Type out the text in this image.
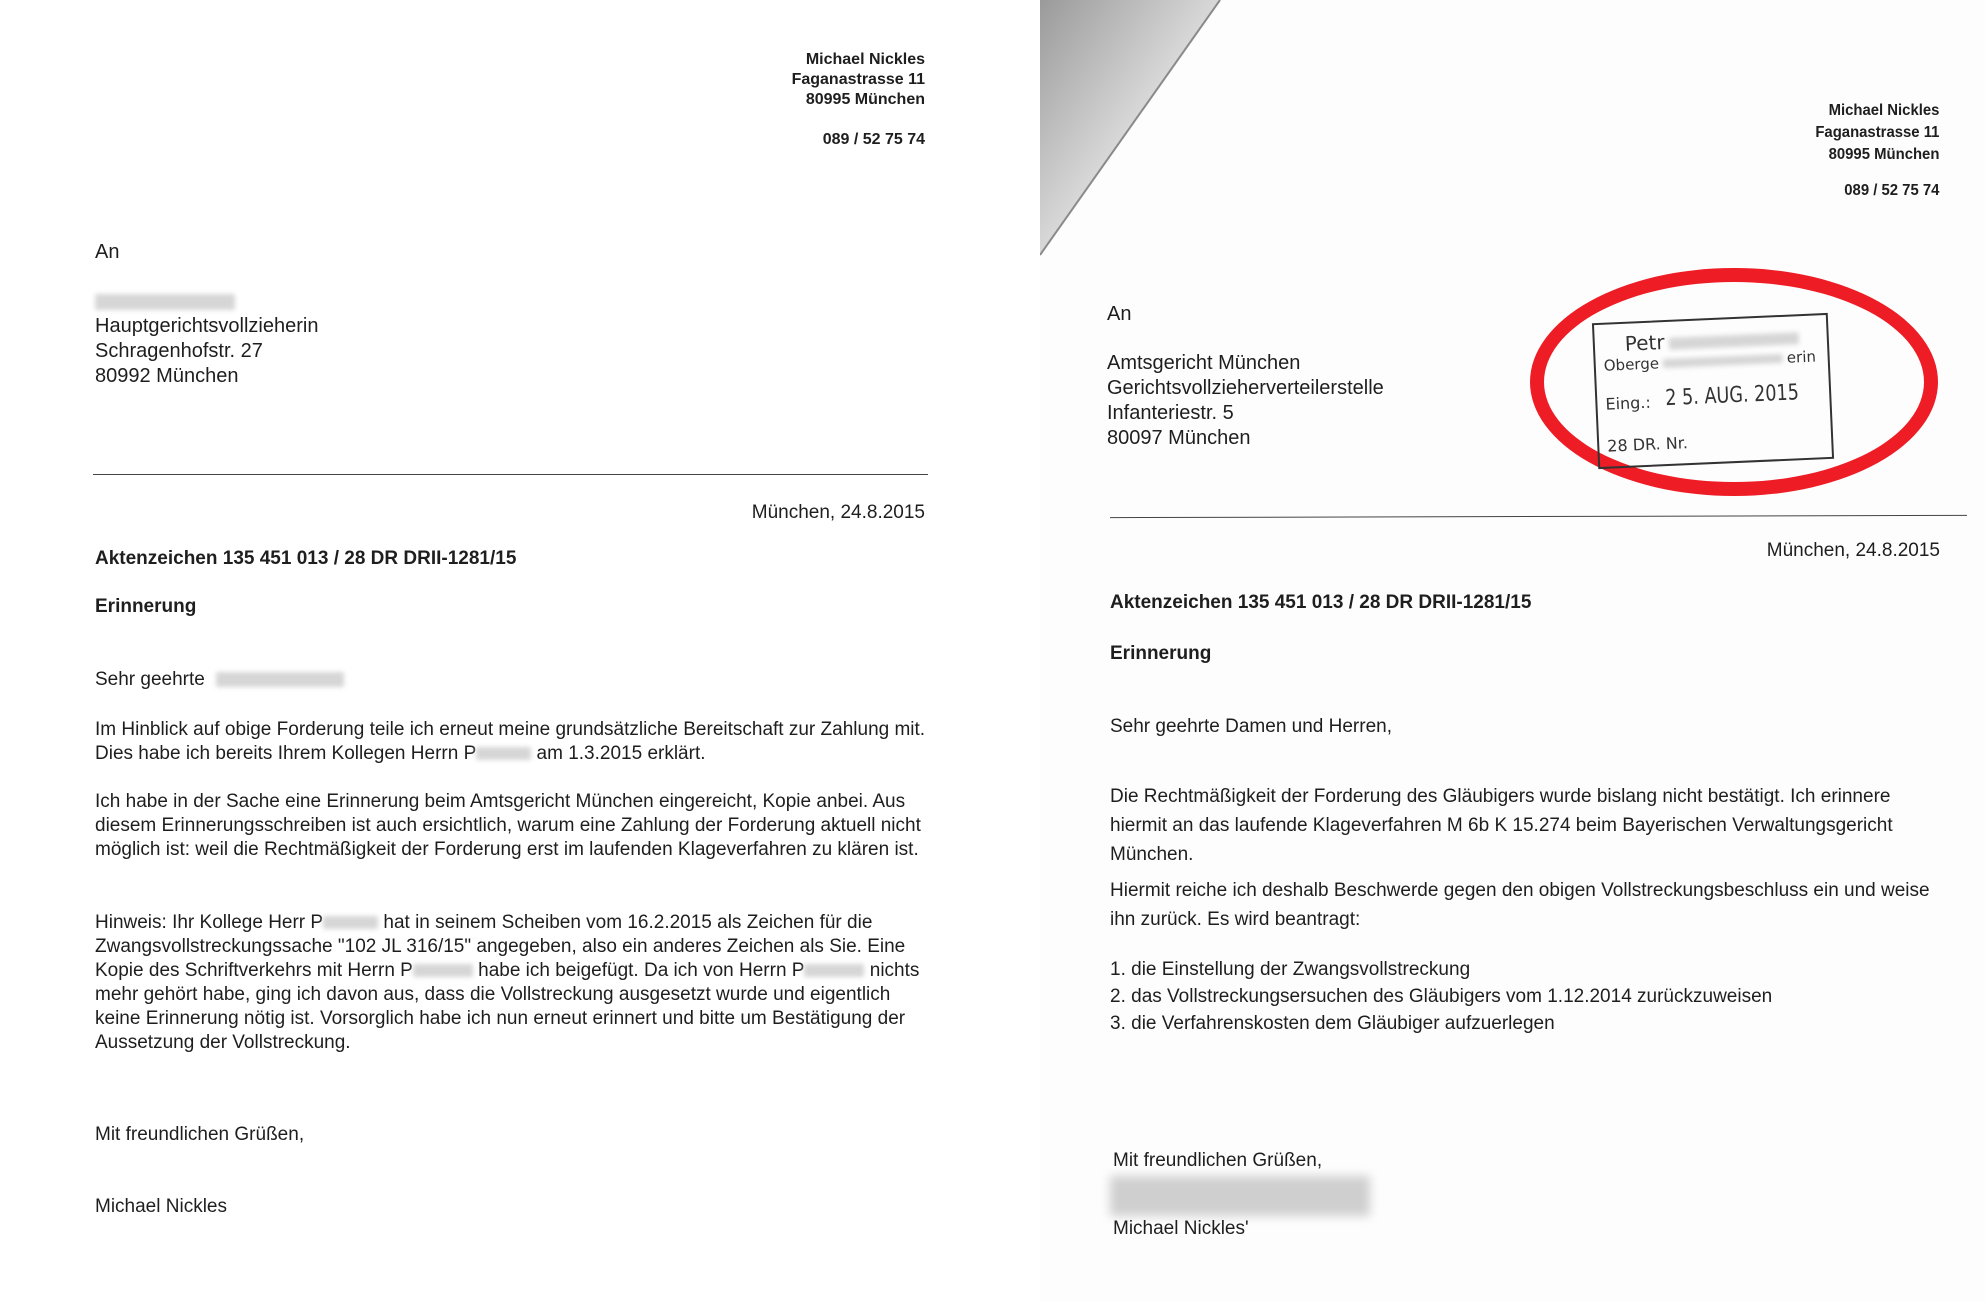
Michael Nickles
Faganastrasse 11
80995 München
089 / 52 75 74
An
Hauptgerichtsvollzieherin
Schragenhofstr. 27
80992 München
München, 24.8.2015
Aktenzeichen 135 451 013 / 28 DR DRII-1281/15
Erinnerung
Sehr geehrte
Im Hinblick auf obige Forderung teile ich erneut meine grundsätzliche Bereitschaft zur Zahlung mit. Dies habe ich bereits Ihrem Kollegen Herrn P	am 1.3.2015 erklärt.
Ich habe in der Sache eine Erinnerung beim Amtsgericht München eingereicht, Kopie anbei. Aus diesem Erinnerungsschreiben ist auch ersichtlich, warum eine Zahlung der Forderung aktuell nicht möglich ist: weil die Rechtmäßigkeit der Forderung erst im laufenden Klageverfahren zu klären ist.
Hinweis: Ihr Kollege Herr P	hat in seinem Scheiben vom 16.2.2015 als Zeichen für die Zwangsvollstreckungssache "102 JL 316/15" angegeben, also ein anderes Zeichen als Sie. Eine Kopie des Schriftverkehrs mit Herrn P	habe ich beigefügt. Da ich von Herrn P	nichts mehr gehört habe, ging ich davon aus, dass die Vollstreckung ausgesetzt wurde und eigentlich keine Erinnerung nötig ist. Vorsorglich habe ich nun erneut erinnert und bitte um Bestätigung der Aussetzung der Vollstreckung.
Mit freundlichen Grüßen,
Michael Nickles
Michael Nickles
Faganastrasse 11
80995 München
089 / 52 75 74
An
Amtsgericht München
Gerichtsvollzieherverteilerstelle
Infanteriestr. 5
80097 München
Petr
Oberge	erin
Eing.: 2 5. AUG. 2015
28 DR. Nr.
München, 24.8.2015
Aktenzeichen 135 451 013 / 28 DR DRII-1281/15
Erinnerung
Sehr geehrte Damen und Herren,
Die Rechtmäßigkeit der Forderung des Gläubigers wurde bislang nicht bestätigt. Ich erinnere hiermit an das laufende Klageverfahren M 6b K 15.274 beim Bayerischen Verwaltungsgericht München.
Hiermit reiche ich deshalb Beschwerde gegen den obigen Vollstreckungsbeschluss ein und weise ihn zurück. Es wird beantragt:
1. die Einstellung der Zwangsvollstreckung
2. das Vollstreckungsersuchen des Gläubigers vom 1.12.2014 zurückzuweisen
3. die Verfahrenskosten dem Gläubiger aufzuerlegen
Mit freundlichen Grüßen,
Michael Nickles'
